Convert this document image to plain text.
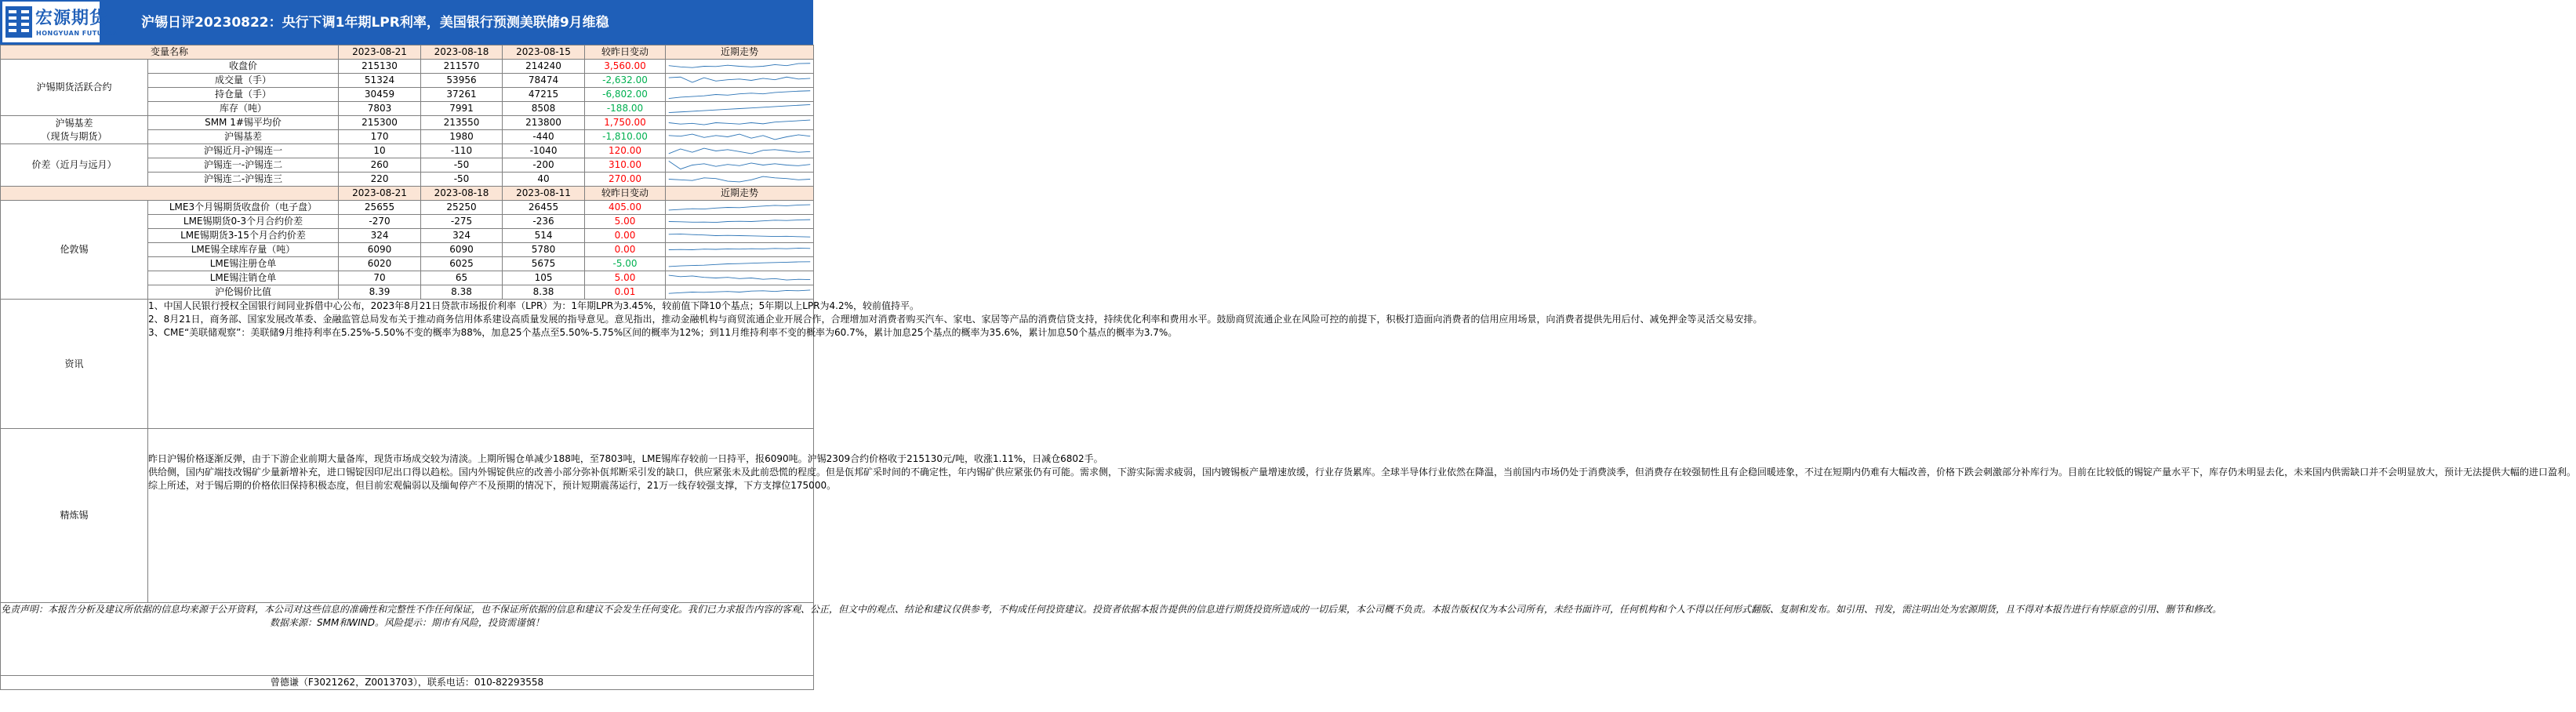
宏源期货
HONGYUAN FUTURES
沪锡日评20230822：央行下调1年期LPR利率，美国银行预测美联储9月维稳
变量名称		2023-08-21	2023-08-18	2023-08-15	较昨日变动	近期走势

沪锡期货活跃合约	收盘价	215130	211570	214240	3,560.00	

	成交量（手）	51324	53956	78474	-2,632.00	

	持仓量（手）	30459	37261	47215	-6,802.00	

	库存（吨）	7803	7991	8508	-188.00	

沪锡基差
（现货与期货）	SMM 1#锡平均价	215300	213550	213800	1,750.00	

	沪锡基差	170	1980	-440	-1,810.00	

价差（近月与远月）	沪锡近月-沪锡连一	10	-110	-1040	120.00	

	沪锡连一-沪锡连二	260	-50	-200	310.00	

	沪锡连二-沪锡连三	220	-50	40	270.00	

		2023-08-21	2023-08-18	2023-08-11	较昨日变动	近期走势
伦敦锡	LME3个月锡期货收盘价（电子盘）	25655	25250	26455	405.00	

	LME锡期货0-3个月合约价差	-270	-275	-236	5.00	

	LME锡期货3-15个月合约价差	324	324	514	0.00	

	LME锡全球库存量（吨）	6090	6090	5780	0.00	

	LME锡注册仓单	6020	6025	5675	-5.00	

	LME锡注销仓单	70	65	105	5.00	

	沪伦锡价比值	8.39	8.38	8.38	0.01	

资讯	1、中国人民银行授权全国银行间同业拆借中心公布，2023年8月21日贷款市场报价利率（LPR）为：1年期LPR为3.45%，较前值下降10个基点；5年期以上LPR为4.2%，较前值持平。

2、8月21日，商务部、国家发展改革委、金融监管总局发布关于推动商务信用体系建设高质量发展的指导意见。意见指出，推动金融机构与商贸流通企业开展合作，合理增加对消费者购买汽车、家电、家居等产品的消费信贷支持，持续优化利率和费用水平。鼓励商贸流通企业在风险可控的前提下，积极打造面向消费者的信用应用场景，向消费者提供先用后付、减免押金等灵活交易安排。

3、CME“美联储观察”：美联储9月维持利率在5.25%-5.50%不变的概率为88%，加息25个基点至5.50%-5.75%区间的概率为12%；到11月维持利率不变的概率为60.7%，累计加息25个基点的概率为35.6%，累计加息50个基点的概率为3.7%。					

精炼锡	昨日沪锡价格逐渐反弹，由于下游企业前期大量备库，现货市场成交较为清淡。上期所锡仓单减少188吨，至7803吨，LME锡库存较前一日持平，报6090吨。沪锡2309合约价格收于215130元/吨，收涨1.11%，日减仓6802手。

供给侧，国内矿端技改锡矿少量新增补充，进口锡锭因印尼出口得以趋松。国内外锡锭供应的改善小部分弥补佤邦断采引发的缺口，供应紧张未及此前恐慌的程度。但是佤邦矿采时间的不确定性，年内锡矿供应紧张仍有可能。需求侧，下游实际需求疲弱，国内镀锡板产量增速放缓，行业存货累库。全球半导体行业依然在降温，当前国内市场仍处于消费淡季，但消费存在较强韧性且有企稳回暖迹象，不过在短期内仍难有大幅改善，价格下跌会刺激部分补库行为。目前在比较低的锡锭产量水平下，库存仍未明显去化，未来国内供需缺口并不会明显放大，预计无法提供大幅的进口盈利。

综上所述，对于锡后期的价格依旧保持积极态度，但目前宏观偏弱以及缅甸停产不及预期的情况下，预计短期震荡运行，21万一线存较强支撑，下方支撑位175000。					

免责声明：本报告分析及建议所依据的信息均来源于公开资料，本公司对这些信息的准确性和完整性不作任何保证，也不保证所依据的信息和建议不会发生任何变化。我们已力求报告内容的客观、公正，但文中的观点、结论和建议仅供参考，不构成任何投资建议。投资者依据本报告提供的信息进行期货投资所造成的一切后果，本公司概不负责。本报告版权仅为本公司所有，未经书面许可，任何机构和个人不得以任何形式翻版、复制和发布。如引用、刊发，需注明出处为宏源期货，且不得对本报告进行有悖原意的引用、删节和修改。
数据来源：SMM和WIND。风险提示：期市有风险，投资需谨慎！						

曾德谦（F3021262，Z0013703），联系电话：010-82293558						
